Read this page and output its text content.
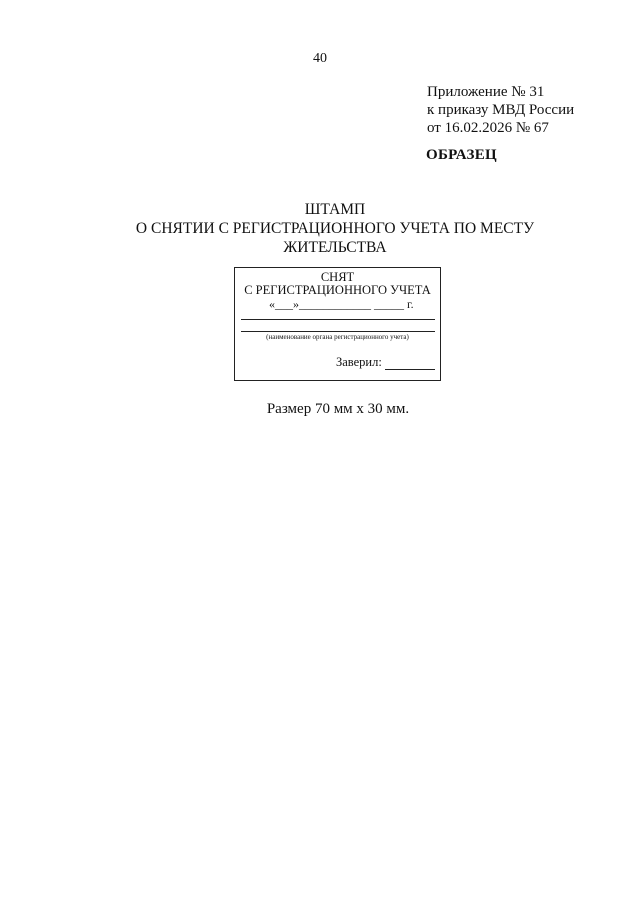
40
Приложение № 31
к приказу МВД России
от 16.02.2026 № 67
ОБРАЗЕЦ
ШТАМП
О СНЯТИИ С РЕГИСТРАЦИОННОГО УЧЕТА ПО МЕСТУ
ЖИТЕЛЬСТВА
СНЯТ
С РЕГИСТРАЦИОННОГО УЧЕТА
«___»____________ _____ г.
(наименование органа регистрационного учета)
Заверил:
Размер 70 мм х 30 мм.
